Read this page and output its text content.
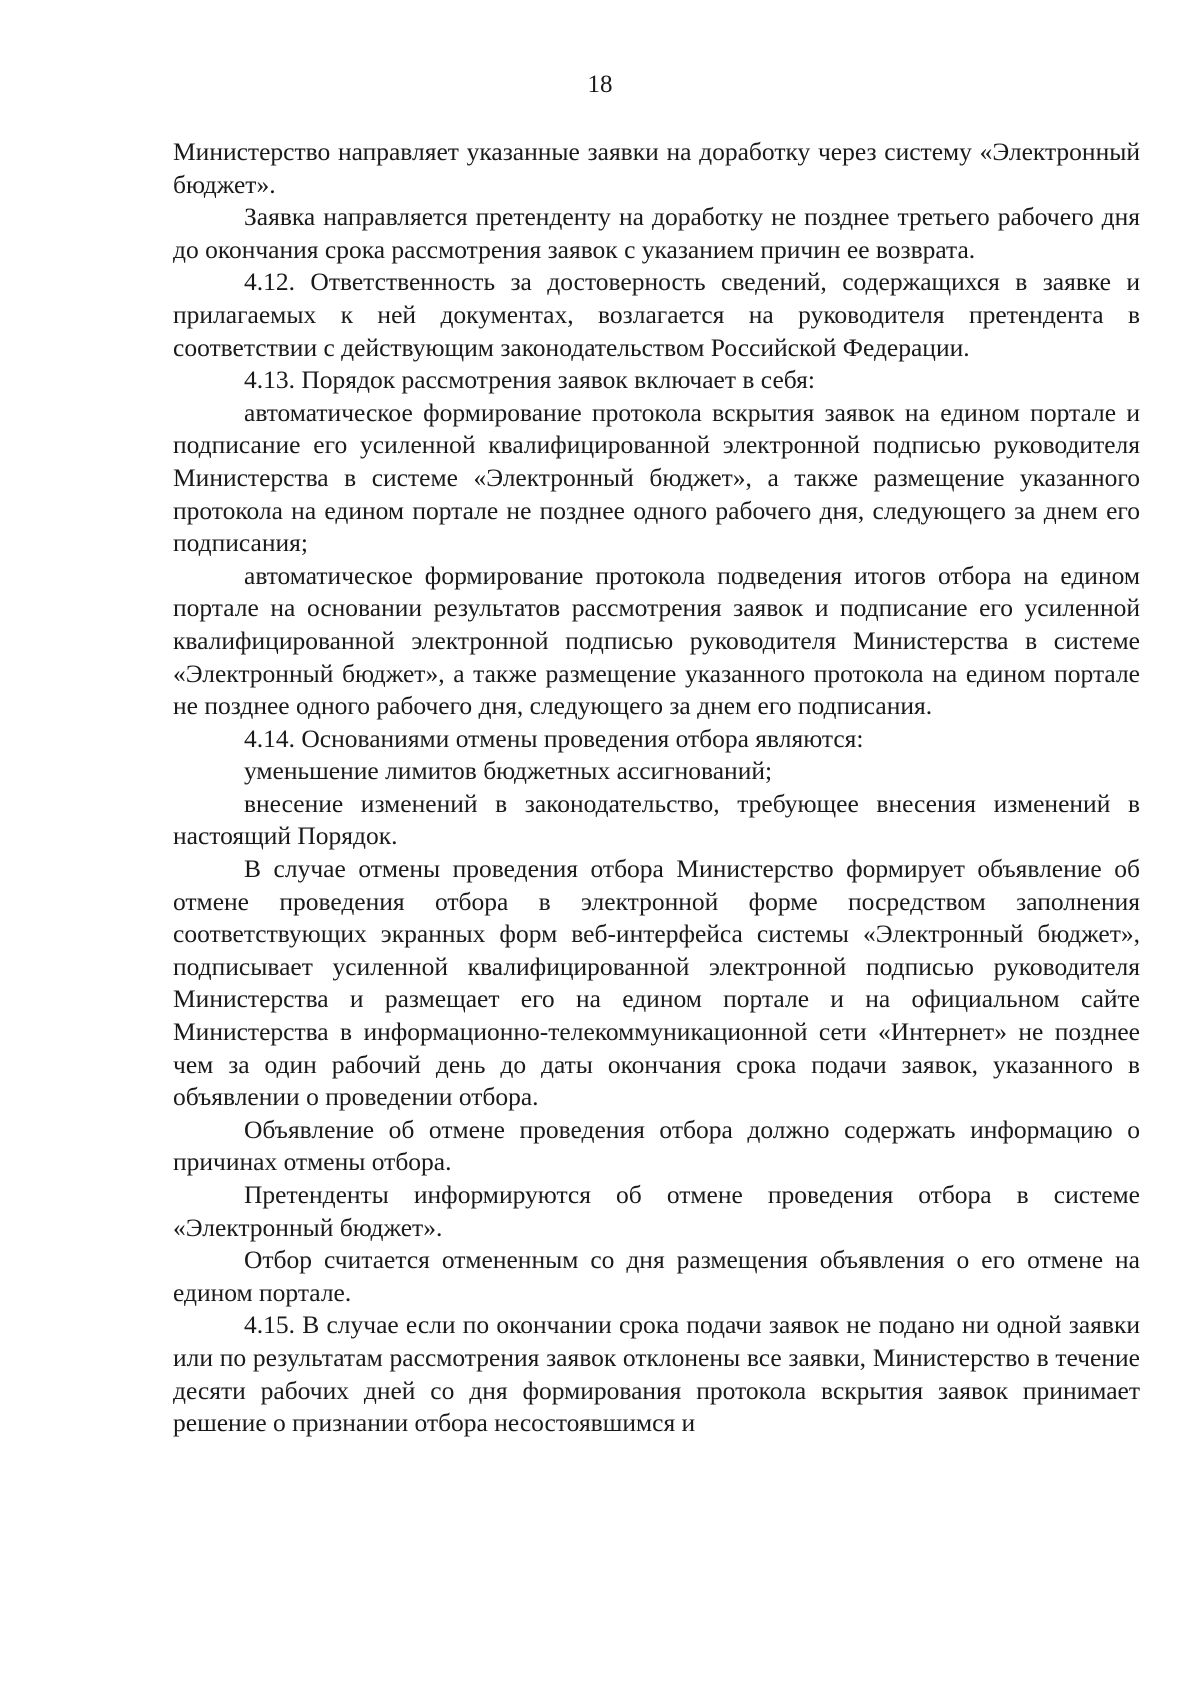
18

Министерство направляет указанные заявки на доработку через систему «Электронный бюджет».

Заявка направляется претенденту на доработку не позднее третьего рабочего дня до окончания срока рассмотрения заявок с указанием причин ее возврата.

4.12. Ответственность за достоверность сведений, содержащихся в заявке и прилагаемых к ней документах, возлагается на руководителя претендента в соответствии с действующим законодательством Российской Федерации.

4.13. Порядок рассмотрения заявок включает в себя:

автоматическое формирование протокола вскрытия заявок на едином портале и подписание его усиленной квалифицированной электронной подписью руководителя Министерства в системе «Электронный бюджет», а также размещение указанного протокола на едином портале не позднее одного рабочего дня, следующего за днем его подписания;

автоматическое формирование протокола подведения итогов отбора на едином портале на основании результатов рассмотрения заявок и подписание его усиленной квалифицированной электронной подписью руководителя Министерства в системе «Электронный бюджет», а также размещение указанного протокола на едином портале не позднее одного рабочего дня, следующего за днем его подписания.

4.14. Основаниями отмены проведения отбора являются:

уменьшение лимитов бюджетных ассигнований;

внесение изменений в законодательство, требующее внесения изменений в настоящий Порядок.

В случае отмены проведения отбора Министерство формирует объявление об отмене проведения отбора в электронной форме посредством заполнения соответствующих экранных форм веб-интерфейса системы «Электронный бюджет», подписывает усиленной квалифицированной электронной подписью руководителя Министерства и размещает его на едином портале и на официальном сайте Министерства в информационно-телекоммуникационной сети «Интернет» не позднее чем за один рабочий день до даты окончания срока подачи заявок, указанного в объявлении о проведении отбора.

Объявление об отмене проведения отбора должно содержать информацию о причинах отмены отбора.

Претенденты информируются об отмене проведения отбора в системе «Электронный бюджет».

Отбор считается отмененным со дня размещения объявления о его отмене на едином портале.

4.15. В случае если по окончании срока подачи заявок не подано ни одной заявки или по результатам рассмотрения заявок отклонены все заявки, Министерство в течение десяти рабочих дней со дня формирования протокола вскрытия заявок принимает решение о признании отбора несостоявшимся и
